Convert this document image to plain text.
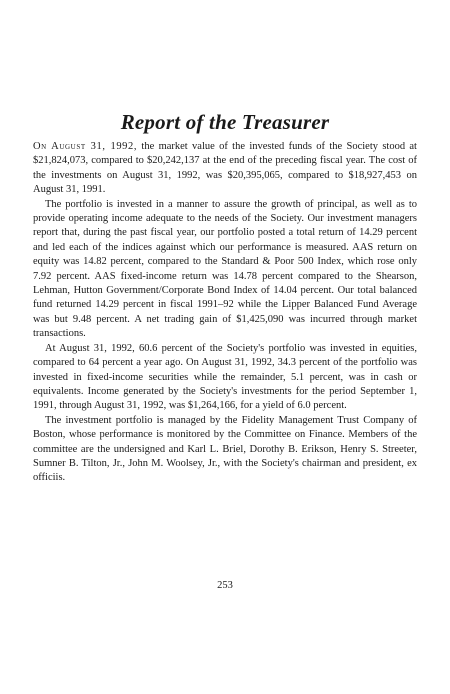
Report of the Treasurer

On August 31, 1992, the market value of the invested funds of the Society stood at $21,824,073, compared to $20,242,137 at the end of the preceding fiscal year. The cost of the investments on August 31, 1992, was $20,395,065, compared to $18,927,453 on August 31, 1991.

The portfolio is invested in a manner to assure the growth of principal, as well as to provide operating income adequate to the needs of the Society. Our investment managers report that, during the past fiscal year, our portfolio posted a total return of 14.29 percent and led each of the indices against which our performance is measured. AAS return on equity was 14.82 percent, compared to the Standard & Poor 500 Index, which rose only 7.92 percent. AAS fixed-income return was 14.78 percent compared to the Shearson, Lehman, Hutton Government/Corporate Bond Index of 14.04 percent. Our total balanced fund returned 14.29 percent in fiscal 1991–92 while the Lipper Balanced Fund Average was but 9.48 percent. A net trading gain of $1,425,090 was incurred through market transactions.

At August 31, 1992, 60.6 percent of the Society's portfolio was invested in equities, compared to 64 percent a year ago. On August 31, 1992, 34.3 percent of the portfolio was invested in fixed-income securities while the remainder, 5.1 percent, was in cash or equivalents. Income generated by the Society's investments for the period September 1, 1991, through August 31, 1992, was $1,264,166, for a yield of 6.0 percent.

The investment portfolio is managed by the Fidelity Management Trust Company of Boston, whose performance is monitored by the Committee on Finance. Members of the committee are the undersigned and Karl L. Briel, Dorothy B. Erikson, Henry S. Streeter, Sumner B. Tilton, Jr., John M. Woolsey, Jr., with the Society's chairman and president, ex officiis.

253
